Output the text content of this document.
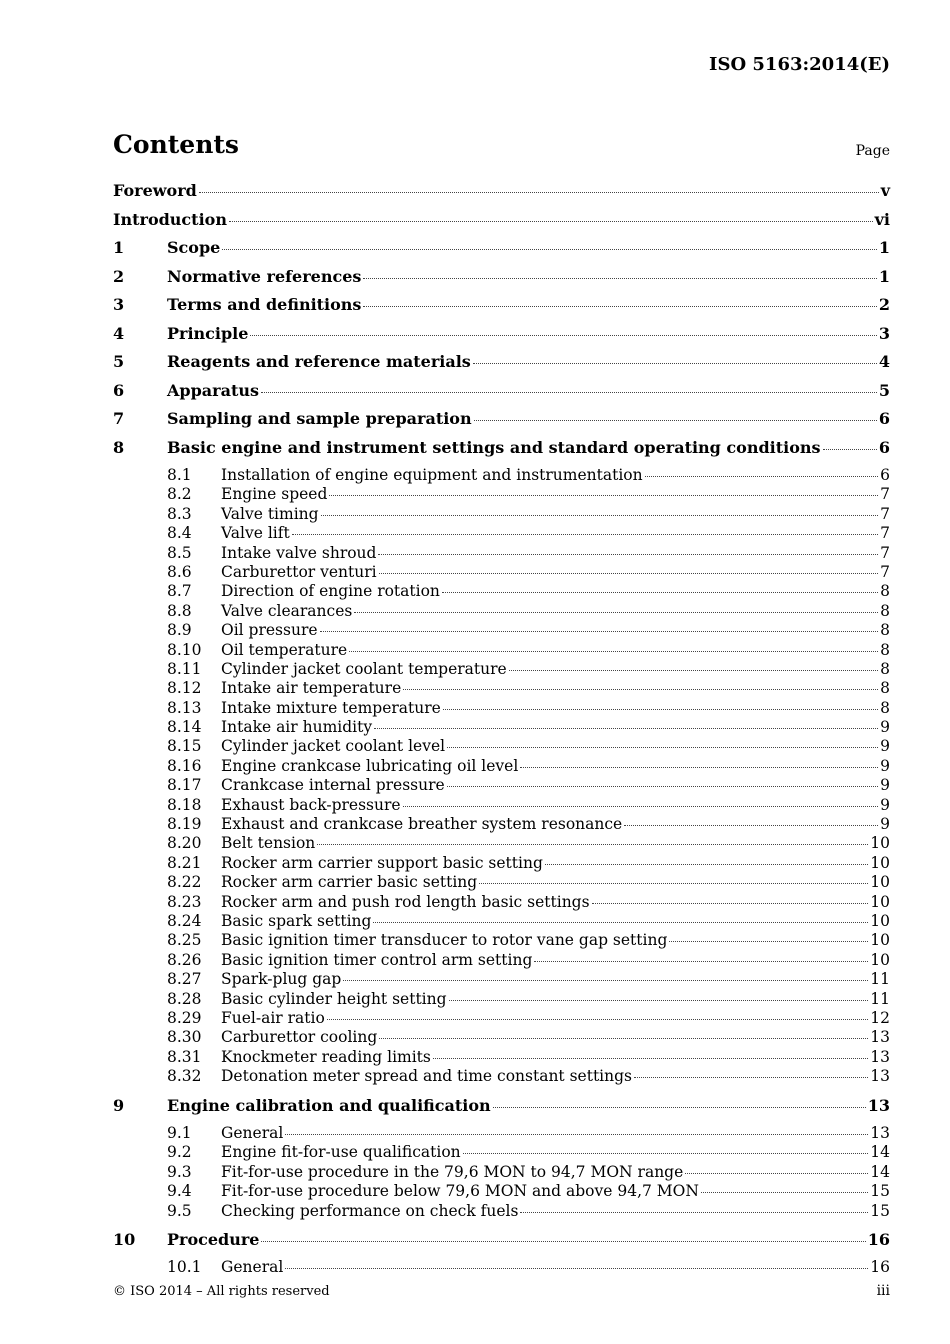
ISO 5163:2014(E)
Contents	Page
Foreword	v
Introduction	vi
1	Scope	1
2	Normative references	1
3	Terms and definitions	2
4	Principle	3
5	Reagents and reference materials	4
6	Apparatus	5
7	Sampling and sample preparation	6
8	Basic engine and instrument settings and standard operating conditions	6
8.1	Installation of engine equipment and instrumentation	6
8.2	Engine speed	7
8.3	Valve timing	7
8.4	Valve lift	7
8.5	Intake valve shroud	7
8.6	Carburettor venturi	7
8.7	Direction of engine rotation	8
8.8	Valve clearances	8
8.9	Oil pressure	8
8.10	Oil temperature	8
8.11	Cylinder jacket coolant temperature	8
8.12	Intake air temperature	8
8.13	Intake mixture temperature	8
8.14	Intake air humidity	9
8.15	Cylinder jacket coolant level	9
8.16	Engine crankcase lubricating oil level	9
8.17	Crankcase internal pressure	9
8.18	Exhaust back-pressure	9
8.19	Exhaust and crankcase breather system resonance	9
8.20	Belt tension	10
8.21	Rocker arm carrier support basic setting	10
8.22	Rocker arm carrier basic setting	10
8.23	Rocker arm and push rod length basic settings	10
8.24	Basic spark setting	10
8.25	Basic ignition timer transducer to rotor vane gap setting	10
8.26	Basic ignition timer control arm setting	10
8.27	Spark-plug gap	11
8.28	Basic cylinder height setting	11
8.29	Fuel-air ratio	12
8.30	Carburettor cooling	13
8.31	Knockmeter reading limits	13
8.32	Detonation meter spread and time constant settings	13
9	Engine calibration and qualification	13
9.1	General	13
9.2	Engine fit-for-use qualification	14
9.3	Fit-for-use procedure in the 79,6 MON to 94,7 MON range	14
9.4	Fit-for-use procedure below 79,6 MON and above 94,7 MON	15
9.5	Checking performance on check fuels	15
10	Procedure	16
10.1	General	16
© ISO 2014 – All rights reserved	iii
